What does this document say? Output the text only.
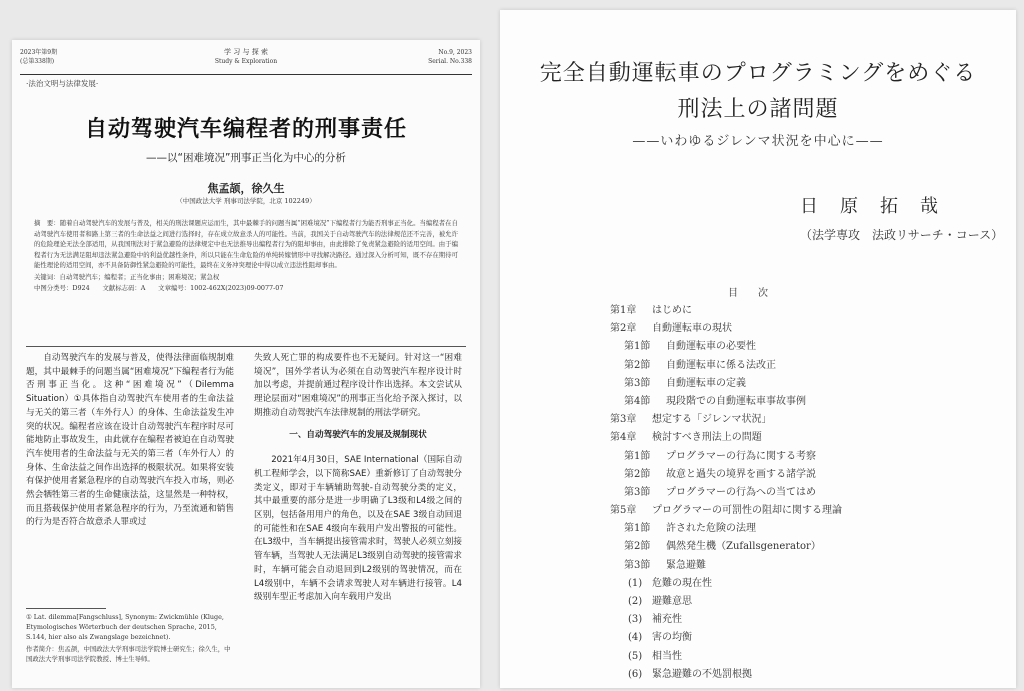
2023年第9期
(总第338期)
学 习 与 探 索
Study & Exploration
No.9, 2023
Serial. No.338
·法治文明与法律发展·
自动驾驶汽车编程者的刑事责任
——以“困难境况”刑事正当化为中心的分析
焦孟颉，徐久生
（中国政法大学 刑事司法学院，北京 102249）
摘　要：随着自动驾驶汽车的发展与普及，相关的刑法课题应运而生，其中最棘手的问题当属“困难境况”下编程者行为能否刑事正当化。当编程者在自动驾驶汽车使用者和路上第三者的生命法益之间进行选择时，存在成立故意杀人的可能性。当前，我国关于自动驾驶汽车的法律规范还不完善，被允许的危险理论无法全部适用，从我国刑法对于紧急避险的法律规定中也无法推导出编程者行为的阻却事由，由此排除了免责紧急避险的适用空间。由于编程者行为无法满足阻却违法紧急避险中的利益优越性条件，所以只能在生命危险的单纯转嫁情形中寻找解决路径。通过深入分析可知，既不存在期待可能性理论的适用空间，亦不具备防御性紧急避险的可能性，最终在义务冲突理论中得以成立违法性阻却事由。
关键词：自动驾驶汽车；编程者；正当化事由；困难境况；紧急权
中图分类号：D924　　文献标志码：A　　文章编号：1002-462X(2023)09-0077-07

自动驾驶汽车的发展与普及，使得法律面临规制难题，其中最棘手的问题当属“困难境况”下编程者行为能否刑事正当化。这种“困难境况”（Dilemma Situation）①具体指自动驾驶汽车使用者的生命法益与无关的第三者（车外行人）的身体、生命法益发生冲突的状况。编程者应该在设计自动驾驶汽车程序时尽可能地防止事故发生，由此就存在编程者被迫在自动驾驶汽车使用者的生命法益与无关的第三者（车外行人）的身体、生命法益之间作出选择的极限状况。如果将安装有保护使用者紧急程序的自动驾驶汽车投入市场，则必然会牺牲第三者的生命健康法益，这显然是一种特权，而且搭载保护使用者紧急程序的行为，乃至流通和销售的行为是否符合故意杀人罪或过

① Lat. dilemma[Fangschluss], Synonym: Zwickmühle (Kluge, Etymologisches Wörterbuch der deutschen Sprache, 2015, S.144, hier also als Zwangslage bezeichnet).

作者简介：焦孟颉，中国政法大学刑事司法学院博士研究生；徐久生，中国政法大学刑事司法学院教授、博士生导师。

失致人死亡罪的构成要件也不无疑问。针对这一“困难境况”，国外学者认为必须在自动驾驶汽车程序设计时加以考虑，并提前通过程序设计作出选择。本文尝试从理论层面对“困难境况”的刑事正当化给予深入探讨，以期推动自动驾驶汽车法律规制的刑法学研究。

一、自动驾驶汽车的发展及规制现状

2021年4月30日，SAE International（国际自动机工程师学会，以下简称SAE）重新修订了自动驾驶分类定义，即对于车辆辅助驾驶-自动驾驶分类的定义，其中最重要的部分是进一步明确了L3级和L4级之间的区别，包括备用用户的角色，以及在SAE 3级自动回退的可能性和在SAE 4级向车载用户发出警报的可能性。在L3级中，当车辆提出接管需求时，驾驶人必须立刻接管车辆，当驾驶人无法满足L3级别自动驾驶的接管需求时，车辆可能会自动退回到L2级别的驾驶情况，而在L4级别中，车辆不会请求驾驶人对车辆进行接管。L4级别车型正考虑加入向车载用户发出

完全自動運転車のプログラミングをめぐる
刑法上の諸問題
——いわゆるジレンマ状況を中心に——
日原拓哉
（法学専攻　法政リサーチ・コース）
目次
第1章 はじめに
第2章 自動運転車の現状
第1節 自動運転車の必要性
第2節 自動運転車に係る法改正
第3節 自動運転車の定義
第4節 現段階での自動運転車事故事例
第3章 想定する「ジレンマ状況」
第4章 検討すべき刑法上の問題
第1節 プログラマーの行為に関する考察
第2節 故意と過失の境界を画する諸学説
第3節 プログラマーの行為への当てはめ
第5章 プログラマーの可罰性の阻却に関する理論
第1節 許された危険の法理
第2節 偶然発生機（Zufallsgenerator）
第3節 緊急避難
(1) 危難の現在性
(2) 避難意思
(3) 補充性
(4) 害の均衡
(5) 相当性
(6) 緊急避難の不処罰根拠
